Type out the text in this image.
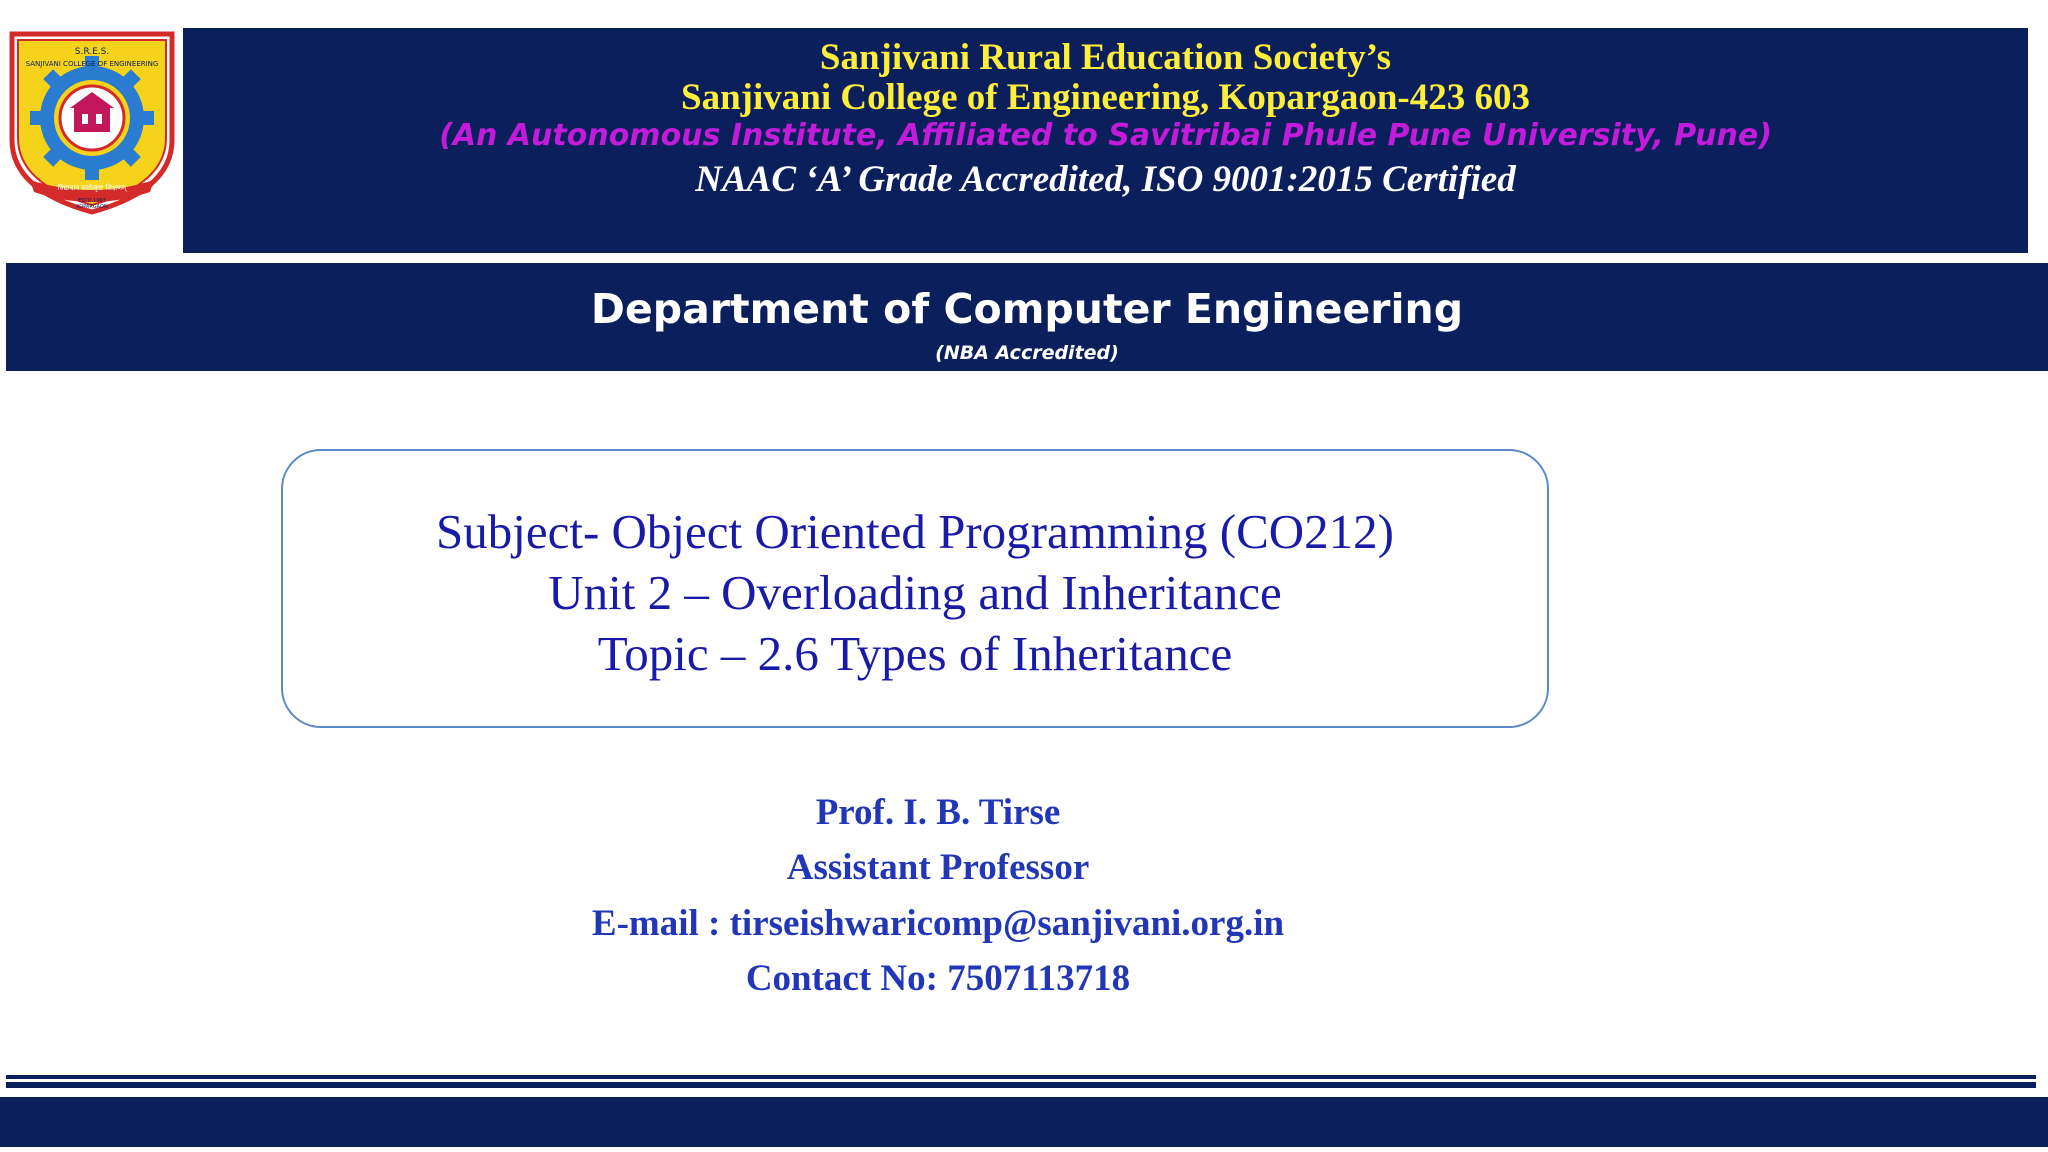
S.R.E.S.
SANJIVANI COLLEGE OF ENGINEERING
विद्यादान सर्वोत्कृष्ट शिक्षणम्
ESTD.1983
KOPARGAON
Sanjivani Rural Education Society’s
Sanjivani College of Engineering, Kopargaon-423 603
(An Autonomous Institute, Affiliated to Savitribai Phule Pune University, Pune)
NAAC ‘A’ Grade Accredited, ISO 9001:2015 Certified
Department of Computer Engineering
(NBA Accredited)
Subject- Object Oriented Programming (CO212)
Unit 2 – Overloading and Inheritance
Topic – 2.6 Types of Inheritance
Prof. I. B. Tirse
Assistant Professor
E-mail : tirseishwaricomp@sanjivani.org.in
Contact No: 7507113718
